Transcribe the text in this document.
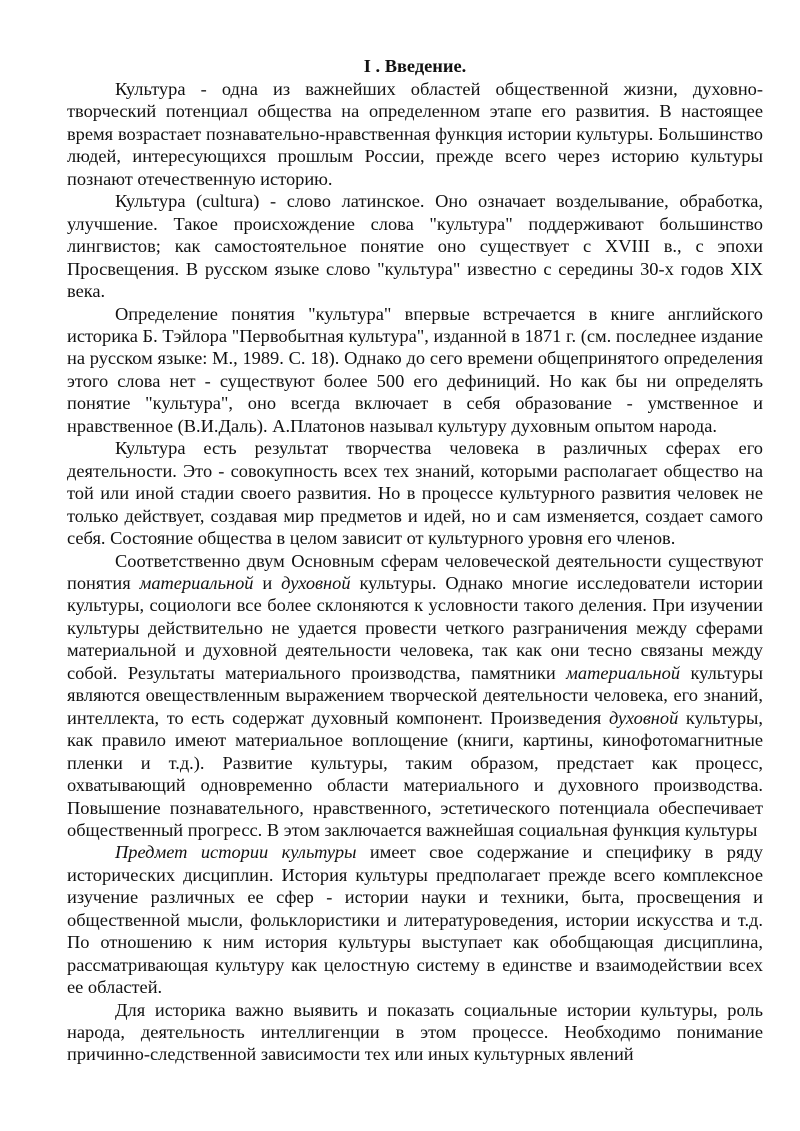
I . Введение.

Культура - одна из важнейших областей общественной жизни, духовно-творческий потенциал общества на определенном этапе его развития. В настоящее время возрастает познавательно-нравственная функция истории культуры. Большинство людей, интересующихся прошлым России, прежде всего через историю культуры познают отечественную историю.

Культура (cultura) - слово латинское. Оно означает возделывание, обработка, улучшение. Такое происхождение слова "культура" поддерживают большинство лингвистов; как самостоятельное понятие оно существует с XVIII в., с эпохи Просвещения. В русском языке слово "культура" известно с середины 30-х годов XIX века.

Определение понятия "культура" впервые встречается в книге английского историка Б. Тэйлора "Первобытная культура", изданной в 1871 г. (см. последнее издание на русском языке: М., 1989. С. 18). Однако до сего времени общепринятого определения этого слова нет - существуют более 500 его дефиниций. Но как бы ни определять понятие "культура", оно всегда включает в себя образование - умственное и нравственное (В.И.Даль). А.Платонов называл культуру духовным опытом народа.

Культура есть результат творчества человека в различных сферах его деятельности. Это - совокупность всех тех знаний, которыми располагает общество на той или иной стадии своего развития. Но в процессе культурного развития человек не только действует, создавая мир предметов и идей, но и сам изменяется, создает самого себя. Состояние общества в целом зависит от культурного уровня его членов.

Соответственно двум Основным сферам человеческой деятельности существуют понятия материальной и духовной культуры. Однако многие исследователи истории культуры, социологи все более склоняются к условности такого деления. При изучении культуры действительно не удается провести четкого разграничения между сферами материальной и духовной деятельности человека, так как они тесно связаны между собой. Результаты материального производства, памятники материальной культуры являются овеществленным выражением творческой деятельности человека, его знаний, интеллекта, то есть содержат духовный компонент. Произведения духовной культуры, как правило имеют материальное воплощение (книги, картины, кинофотомагнитные пленки и т.д.). Развитие культуры, таким образом, предстает как процесс, охватывающий одновременно области материального и духовного производства. Повышение познавательного, нравственного, эстетического потенциала обеспечивает общественный прогресс. В этом заключается важнейшая социальная функция культуры

Предмет истории культуры имеет свое содержание и специфику в ряду исторических дисциплин. История культуры предполагает прежде всего комплексное изучение различных ее сфер - истории науки и техники, быта, просвещения и общественной мысли, фольклористики и литературоведения, истории искусства и т.д. По отношению к ним история культуры выступает как обобщающая дисциплина, рассматривающая культуру как целостную систему в единстве и взаимодействии всех ее областей.

Для историка важно выявить и показать социальные истории культуры, роль народа, деятельность интеллигенции в этом процессе. Необходимо понимание причинно-следственной зависимости тех или иных культурных явлений
